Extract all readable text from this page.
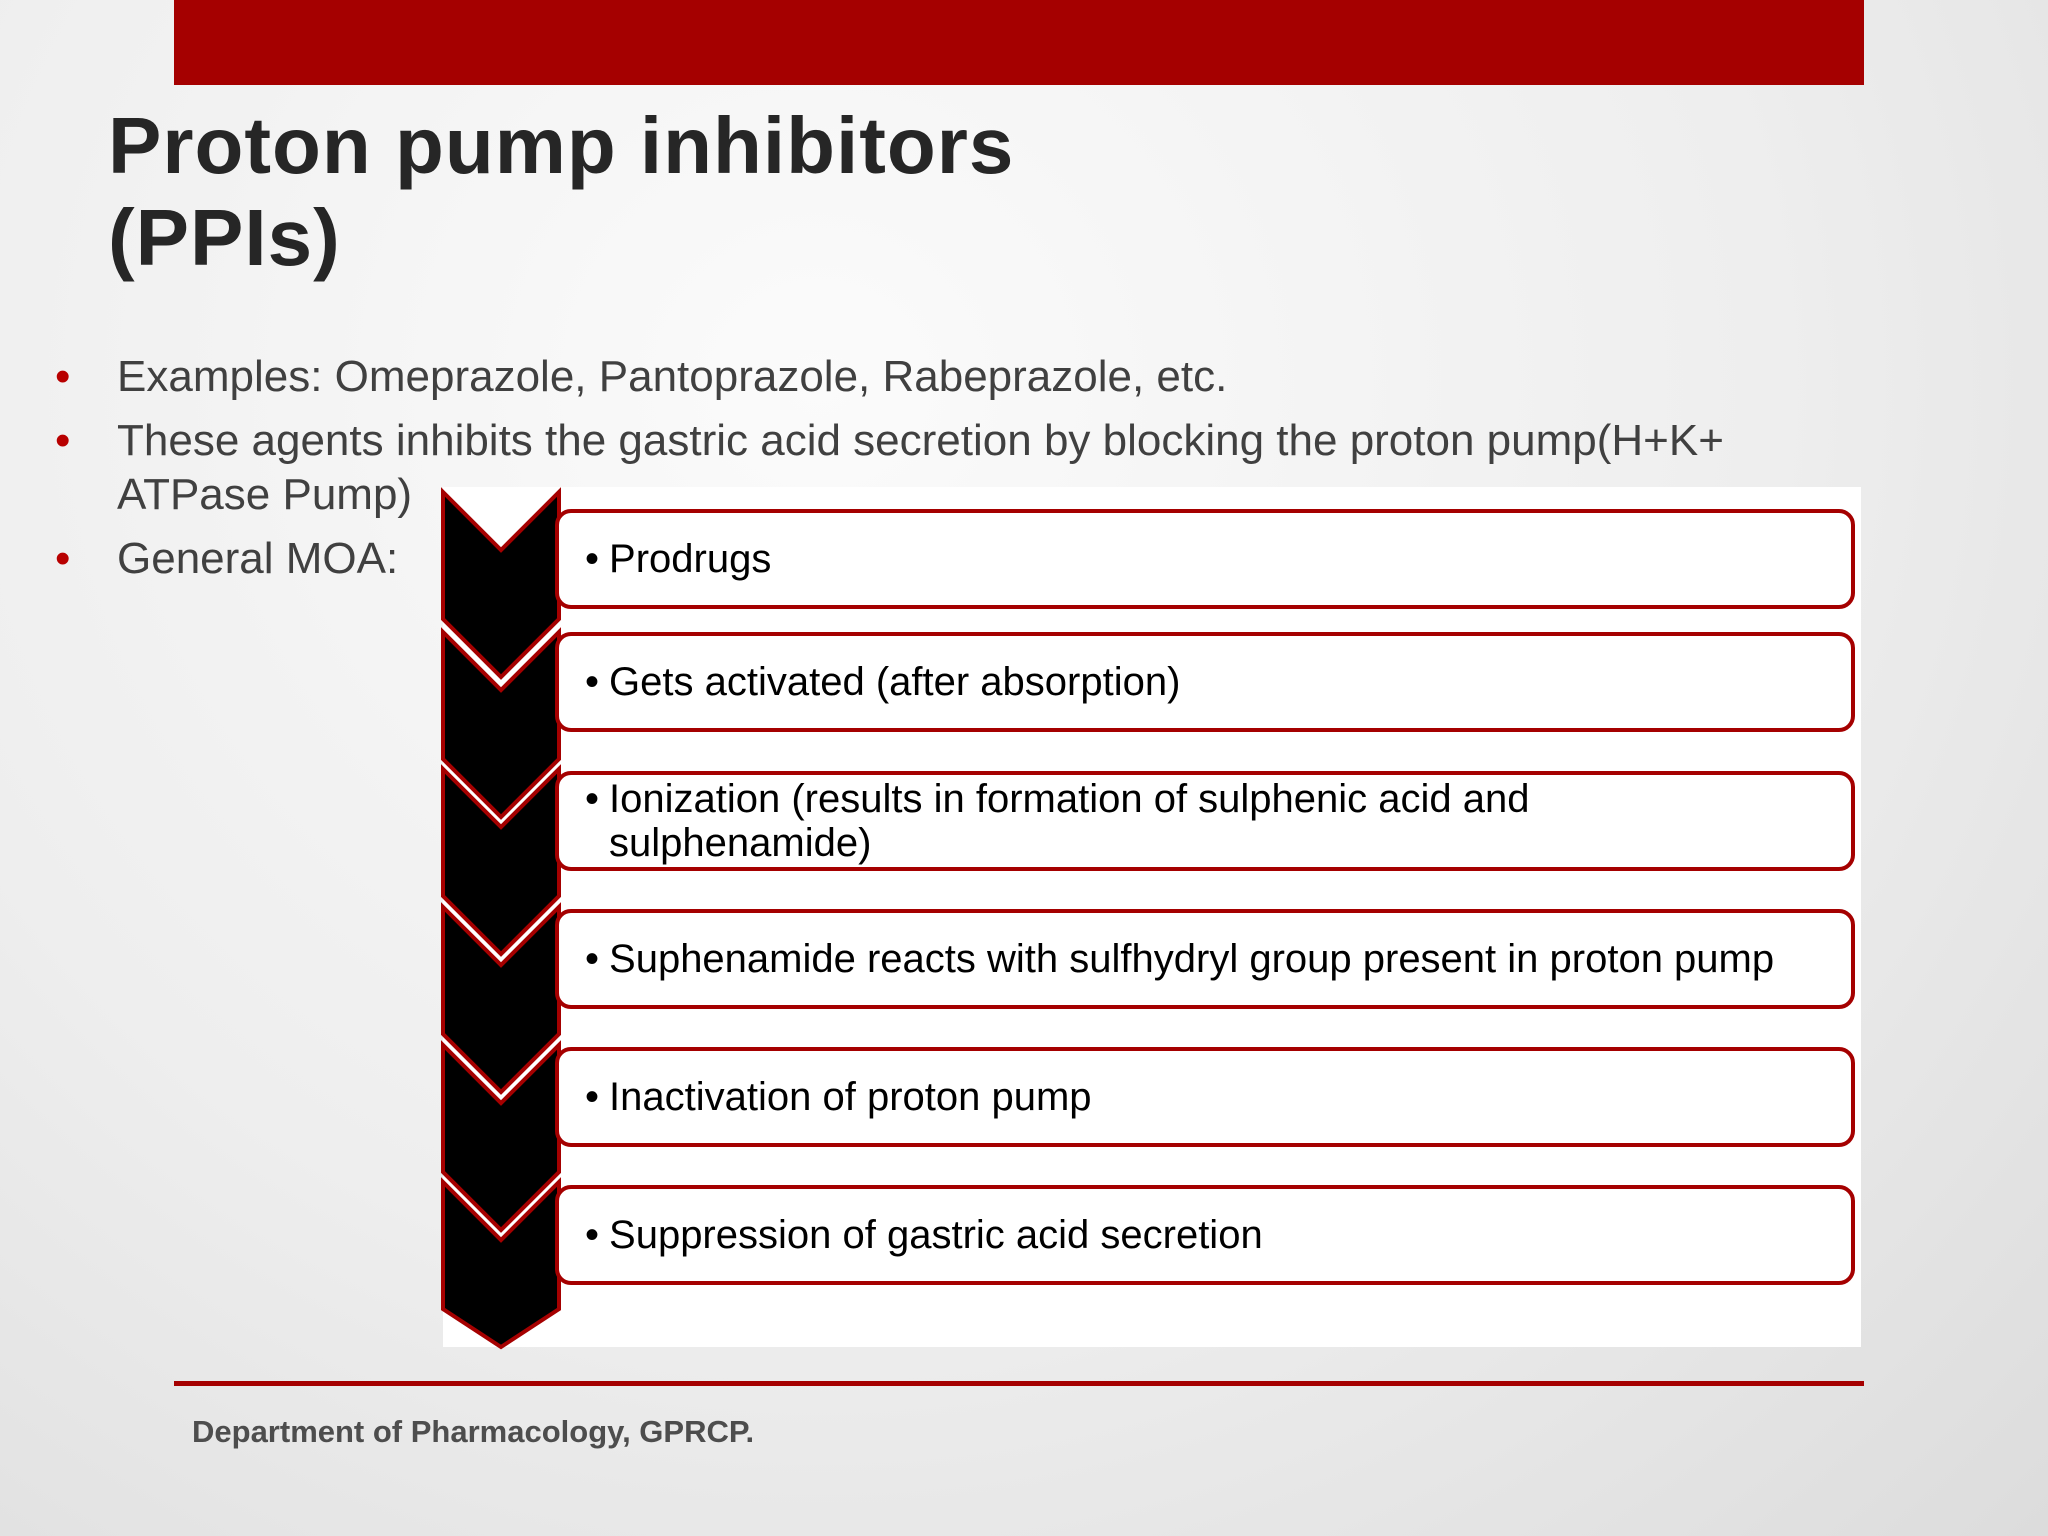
Proton pump inhibitors
(PPIs)
• Examples: Omeprazole, Pantoprazole, Rabeprazole, etc.
• These agents inhibits the gastric acid secretion by blocking the proton pump(H+K+ ATPase Pump)
• General MOA:	• Prodrugs
• Gets activated (after absorption)
• Ionization (results in formation of sulphenic acid and sulphenamide)
• Suphenamide reacts with sulfhydryl group present in proton pump
• Inactivation of proton pump
• Suppression of gastric acid secretion
Department of Pharmacology, GPRCP.
